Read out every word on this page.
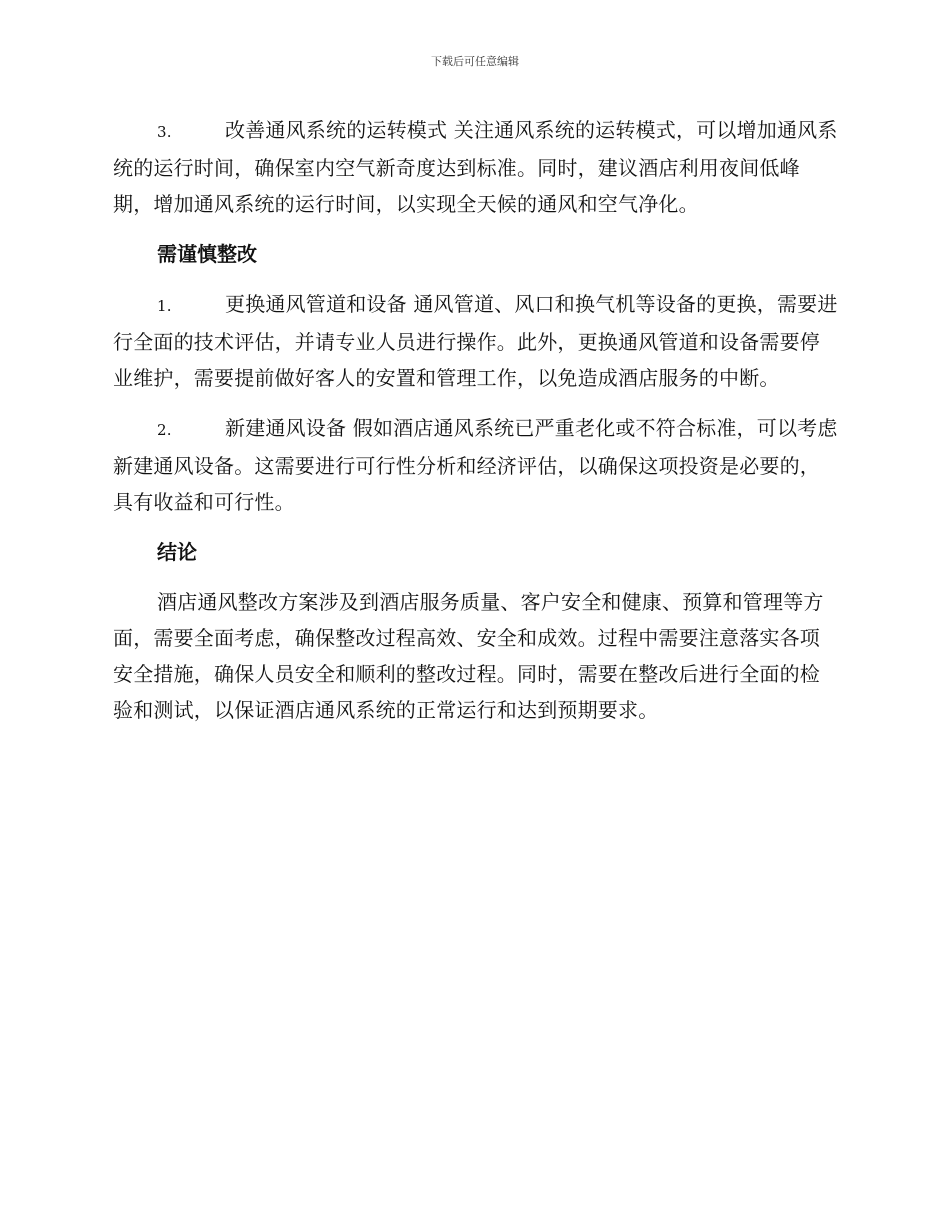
下载后可任意编辑

3.	改善通风系统的运转模式 关注通风系统的运转模式，可以增加通风系统的运行时间，确保室内空气新奇度达到标准。同时，建议酒店利用夜间低峰期，增加通风系统的运行时间，以实现全天候的通风和空气净化。

需谨慎整改

1.	更换通风管道和设备 通风管道、风口和换气机等设备的更换，需要进行全面的技术评估，并请专业人员进行操作。此外，更换通风管道和设备需要停业维护，需要提前做好客人的安置和管理工作，以免造成酒店服务的中断。

2.	新建通风设备 假如酒店通风系统已严重老化或不符合标准，可以考虑新建通风设备。这需要进行可行性分析和经济评估，以确保这项投资是必要的，具有收益和可行性。

结论

酒店通风整改方案涉及到酒店服务质量、客户安全和健康、预算和管理等方面，需要全面考虑，确保整改过程高效、安全和成效。过程中需要注意落实各项安全措施，确保人员安全和顺利的整改过程。同时，需要在整改后进行全面的检验和测试，以保证酒店通风系统的正常运行和达到预期要求。
